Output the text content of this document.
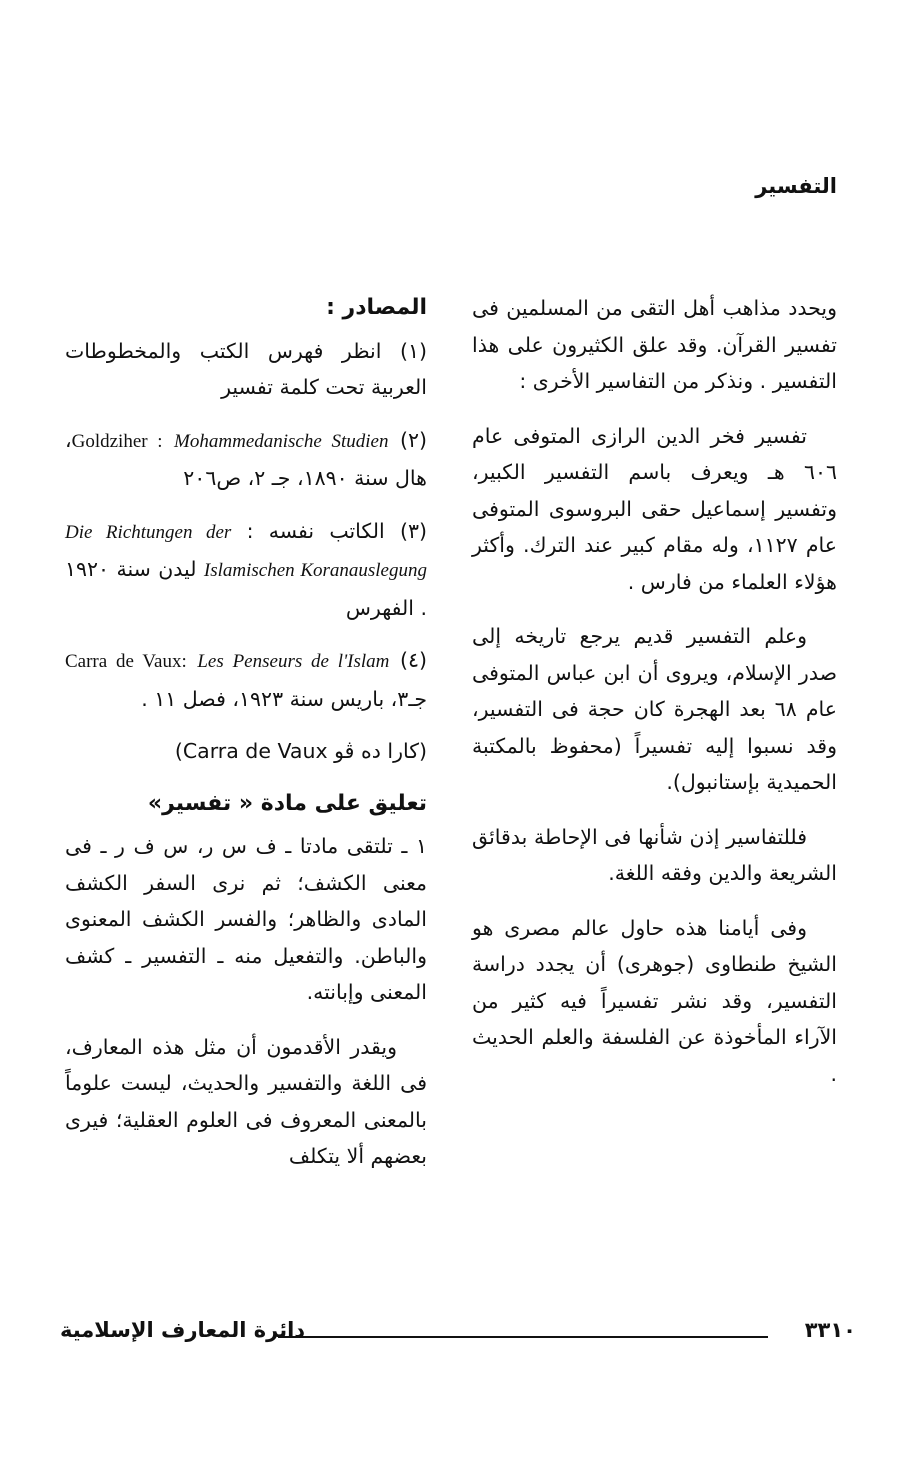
التفسير

ويحدد مذاهب أهل التقى من المسلمين فى تفسير القرآن. وقد علق الكثيرون على هذا التفسير . ونذكر من التفاسير الأخرى :

تفسير فخر الدين الرازى المتوفى عام ٦٠٦ هـ ويعرف باسم التفسير الكبير، وتفسير إسماعيل حقى البروسوى المتوفى عام ١١٢٧، وله مقام كبير عند الترك. وأكثر هؤلاء العلماء من فارس .

وعلم التفسير قديم يرجع تاريخه إلى صدر الإسلام، ويروى أن ابن عباس المتوفى عام ٦٨ بعد الهجرة كان حجة فى التفسير، وقد نسبوا إليه تفسيراً (محفوظ بالمكتبة الحميدية بإستانبول).

فللتفاسير إذن شأنها فى الإحاطة بدقائق الشريعة والدين وفقه اللغة.

وفى أيامنا هذه حاول عالم مصرى هو الشيخ طنطاوى (جوهرى) أن يجدد دراسة التفسير، وقد نشر تفسيراً فيه كثير من الآراء المأخوذة عن الفلسفة والعلم الحديث .

المصادر :

(١) انظر فهرس الكتب والمخطوطات العربية تحت كلمة تفسير

(٢) Goldziher : Mohammedanische Studien، هال سنة ١٨٩٠، جـ ٢، ص٢٠٦

(٣) الكاتب نفسه : Die Richtungen der Islamischen Koranauslegung ليدن سنة ١٩٢٠ . الفهرس

(٤) Carra de Vaux: Les Penseurs de l'Islam جـ٣، باريس سنة ١٩٢٣، فصل ١١ .

(كارا ده ڤو Carra de Vaux)

تعليق على مادة « تفسير»

١ ـ تلتقى مادتا ـ ف س ر، س ف ر ـ فى معنى الكشف؛ ثم نرى السفر الكشف المادى والظاهر؛ والفسر الكشف المعنوى والباطن. والتفعيل منه ـ التفسير ـ كشف المعنى وإبانته.

ويقدر الأقدمون أن مثل هذه المعارف، فى اللغة والتفسير والحديث، ليست علوماً بالمعنى المعروف فى العلوم العقلية؛ فيرى بعضهم ألا يتكلف

٣٣١٠
دائرة المعارف الإسلامية
